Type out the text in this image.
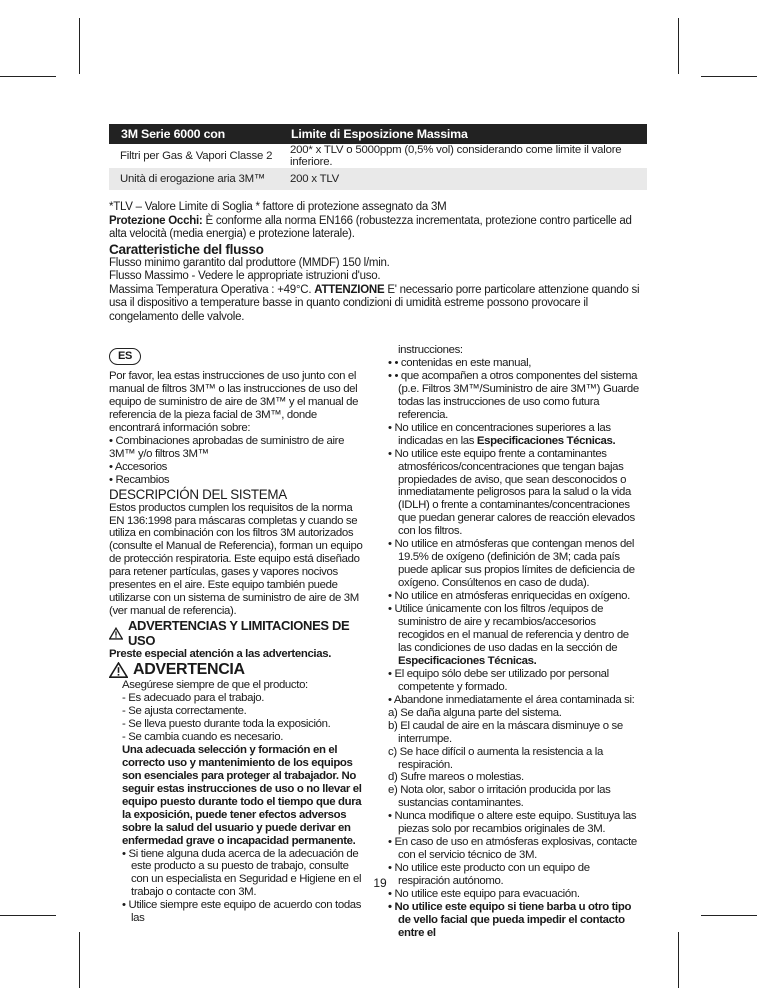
3M Serie 6000 con	Limite di Esposizione Massima
Filtri per Gas & Vapori Classe 2	200* x TLV o 5000ppm (0,5% vol) considerando come limite il valore inferiore.
Unità di erogazione aria 3M™	200 x TLV

*TLV – Valore Limite di Soglia * fattore di protezione assegnato da 3M

Protezione Occhi: È conforme alla norma EN166 (robustezza incrementata, protezione contro particelle ad alta velocità (media energia) e protezione laterale).

Caratteristiche del flusso

Flusso minimo garantito dal produttore (MMDF) 150 l/min.

Flusso Massimo - Vedere le appropriate istruzioni d'uso.

Massima Temperatura Operativa : +49°C. ATTENZIONE E' necessario porre particolare attenzione quando si usa il dispositivo a temperature basse in quanto condizioni di umidità estreme possono provocare il congelamento delle valvole.

ES

Por favor, lea estas instrucciones de uso junto con el manual de filtros 3M™ o las instrucciones de uso del equipo de suministro de aire de 3M™ y el manual de referencia de la pieza facial de 3M™, donde encontrará información sobre:

• Combinaciones aprobadas de suministro de aire 3M™ y/o filtros 3M™

• Accesorios

• Recambios

DESCRIPCIÓN DEL SISTEMA

Estos productos cumplen los requisitos de la norma EN 136:1998 para máscaras completas y cuando se utiliza en combinación con los filtros 3M autorizados (consulte el Manual de Referencia), forman un equipo de protección respiratoria. Este equipo está diseñado para retener partículas, gases y vapores nocivos presentes en el aire. Este equipo también puede utilizarse con un sistema de suministro de aire de 3M (ver manual de referencia).

ADVERTENCIAS Y LIMITACIONES DE USO

Preste especial atención a las advertencias.

ADVERTENCIA

Asegúrese siempre de que el producto:

- Es adecuado para el trabajo.

- Se ajusta correctamente.

- Se lleva puesto durante toda la exposición.

- Se cambia cuando es necesario.

Una adecuada selección y formación en el correcto uso y mantenimiento de los equipos son esenciales para proteger al trabajador. No seguir estas instrucciones de uso o no llevar el equipo puesto durante todo el tiempo que dura la exposición, puede tener efectos adversos sobre la salud del usuario y puede derivar en enfermedad grave o incapacidad permanente.

• Si tiene alguna duda acerca de la adecuación de este producto a su puesto de trabajo, consulte con un especialista en Seguridad e Higiene en el trabajo o contacte con 3M.

• Utilice siempre este equipo de acuerdo con todas las

instrucciones:

• • contenidas en este manual,

• • que acompañen a otros componentes del sistema (p.e. Filtros 3M™/Suministro de aire 3M™) Guarde todas las instrucciones de uso como futura referencia.

• No utilice en concentraciones superiores a las indicadas en las Especificaciones Técnicas.

• No utilice este equipo frente a contaminantes atmosféricos/concentraciones que tengan bajas propiedades de aviso, que sean desconocidos o inmediatamente peligrosos para la salud o la vida (IDLH) o frente a contaminantes/concentraciones que puedan generar calores de reacción elevados con los filtros.

• No utilice en atmósferas que contengan menos del 19.5% de oxígeno (definición de 3M; cada país puede aplicar sus propios límites de deficiencia de oxígeno. Consúltenos en caso de duda).

• No utilice en atmósferas enriquecidas en oxígeno.

• Utilice únicamente con los filtros /equipos de suministro de aire y recambios/accesorios recogidos en el manual de referencia y dentro de las condiciones de uso dadas en la sección de Especificaciones Técnicas.

• El equipo sólo debe ser utilizado por personal competente y formado.

• Abandone inmediatamente el área contaminada si:

a) Se daña alguna parte del sistema.

b) El caudal de aire en la máscara disminuye o se interrumpe.

c) Se hace difícil o aumenta la resistencia a la respiración.

d) Sufre mareos o molestias.

e) Nota olor, sabor o irritación producida por las sustancias contaminantes.

• Nunca modifique o altere este equipo. Sustituya las piezas solo por recambios originales de 3M.

• En caso de uso en atmósferas explosivas, contacte con el servicio técnico de 3M.

• No utilice este producto con un equipo de respiración autónomo.

• No utilice este equipo para evacuación.

• No utilice este equipo si tiene barba u otro tipo de vello facial que pueda impedir el contacto entre el

19
